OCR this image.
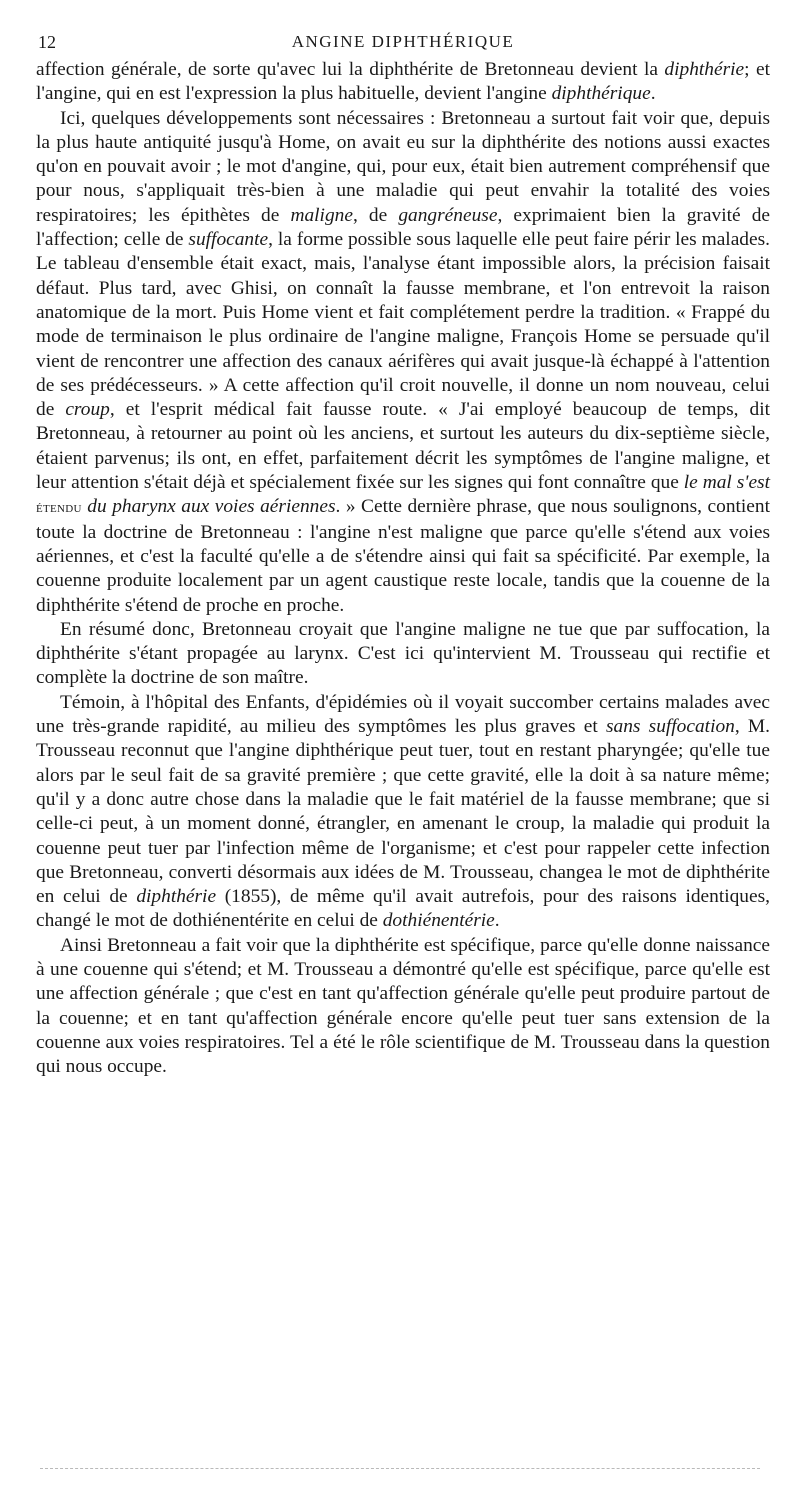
12	ANGINE DIPHTHÉRIQUE

affection générale, de sorte qu'avec lui la diphthérite de Bretonneau devient la diphthérie; et l'angine, qui en est l'expression la plus habituelle, devient l'angine diphthérique.

Ici, quelques développements sont nécessaires : Bretonneau a surtout fait voir que, depuis la plus haute antiquité jusqu'à Home, on avait eu sur la diphthérite des notions aussi exactes qu'on en pouvait avoir ; le mot d'angine, qui, pour eux, était bien autrement compréhensif que pour nous, s'appliquait très-bien à une maladie qui peut envahir la totalité des voies respiratoires; les épithètes de maligne, de gangréneuse, exprimaient bien la gravité de l'affection; celle de suffocante, la forme possible sous laquelle elle peut faire périr les malades. Le tableau d'ensemble était exact, mais, l'analyse étant impossible alors, la précision faisait défaut. Plus tard, avec Ghisi, on connaît la fausse membrane, et l'on entrevoit la raison anatomique de la mort. Puis Home vient et fait complétement perdre la tradition. « Frappé du mode de terminaison le plus ordinaire de l'angine maligne, François Home se persuade qu'il vient de rencontrer une affection des canaux aérifères qui avait jusque-là échappé à l'attention de ses prédécesseurs. » A cette affection qu'il croit nouvelle, il donne un nom nouveau, celui de croup, et l'esprit médical fait fausse route. « J'ai employé beaucoup de temps, dit Bretonneau, à retourner au point où les anciens, et surtout les auteurs du dix-septième siècle, étaient parvenus; ils ont, en effet, parfaitement décrit les symptômes de l'angine maligne, et leur attention s'était déjà et spécialement fixée sur les signes qui font connaître que le mal s'est étendu du pharynx aux voies aériennes. » Cette dernière phrase, que nous soulignons, contient toute la doctrine de Bretonneau : l'angine n'est maligne que parce qu'elle s'étend aux voies aériennes, et c'est la faculté qu'elle a de s'étendre ainsi qui fait sa spécificité. Par exemple, la couenne produite localement par un agent caustique reste locale, tandis que la couenne de la diphthérite s'étend de proche en proche.

En résumé donc, Bretonneau croyait que l'angine maligne ne tue que par suffocation, la diphthérite s'étant propagée au larynx. C'est ici qu'intervient M. Trousseau qui rectifie et complète la doctrine de son maître.

Témoin, à l'hôpital des Enfants, d'épidémies où il voyait succomber certains malades avec une très-grande rapidité, au milieu des symptômes les plus graves et sans suffocation, M. Trousseau reconnut que l'angine diphthérique peut tuer, tout en restant pharyngée; qu'elle tue alors par le seul fait de sa gravité première ; que cette gravité, elle la doit à sa nature même; qu'il y a donc autre chose dans la maladie que le fait matériel de la fausse membrane; que si celle-ci peut, à un moment donné, étrangler, en amenant le croup, la maladie qui produit la couenne peut tuer par l'infection même de l'organisme; et c'est pour rappeler cette infection que Bretonneau, converti désormais aux idées de M. Trousseau, changea le mot de diphthérite en celui de diphthérie (1855), de même qu'il avait autrefois, pour des raisons identiques, changé le mot de dothiénentérite en celui de dothiénentérie.

Ainsi Bretonneau a fait voir que la diphthérite est spécifique, parce qu'elle donne naissance à une couenne qui s'étend; et M. Trousseau a démontré qu'elle est spécifique, parce qu'elle est une affection générale ; que c'est en tant qu'affection générale qu'elle peut produire partout de la couenne; et en tant qu'affection générale encore qu'elle peut tuer sans extension de la couenne aux voies respiratoires. Tel a été le rôle scientifique de M. Trousseau dans la question qui nous occupe.
